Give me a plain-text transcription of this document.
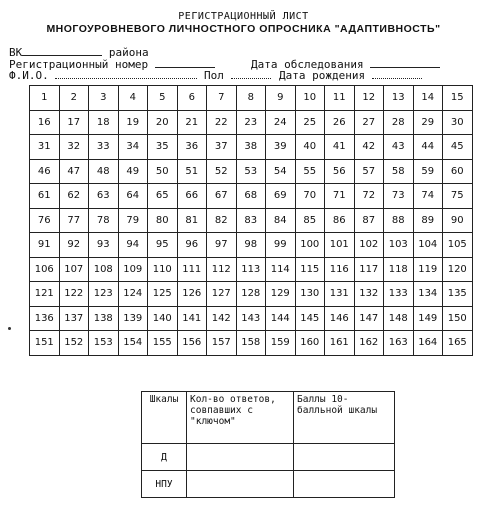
РЕГИСТРАЦИОННЫЙ ЛИСТ
МНОГОУРОВНЕВОГО ЛИЧНОСТНОГО ОПРОСНИКА "АДАПТИВНОСТЬ"
ВК	района
Регистрационный номер	Дата обследования
Ф.И.О.	Пол	Дата рождения
1	2	3	4	5	6	7	8	9	10	11	12	13	14	15
16	17	18	19	20	21	22	23	24	25	26	27	28	29	30
31	32	33	34	35	36	37	38	39	40	41	42	43	44	45
46	47	48	49	50	51	52	53	54	55	56	57	58	59	60
61	62	63	64	65	66	67	68	69	70	71	72	73	74	75
76	77	78	79	80	81	82	83	84	85	86	87	88	89	90
91	92	93	94	95	96	97	98	99	100	101	102	103	104	105
106	107	108	109	110	111	112	113	114	115	116	117	118	119	120
121	122	123	124	125	126	127	128	129	130	131	132	133	134	135
136	137	138	139	140	141	142	143	144	145	146	147	148	149	150
151	152	153	154	155	156	157	158	159	160	161	162	163	164	165
Шкалы	Кол-во ответов, совпавших с "ключом"	Баллы 10-балльной шкалы
Д		
НПУ		
